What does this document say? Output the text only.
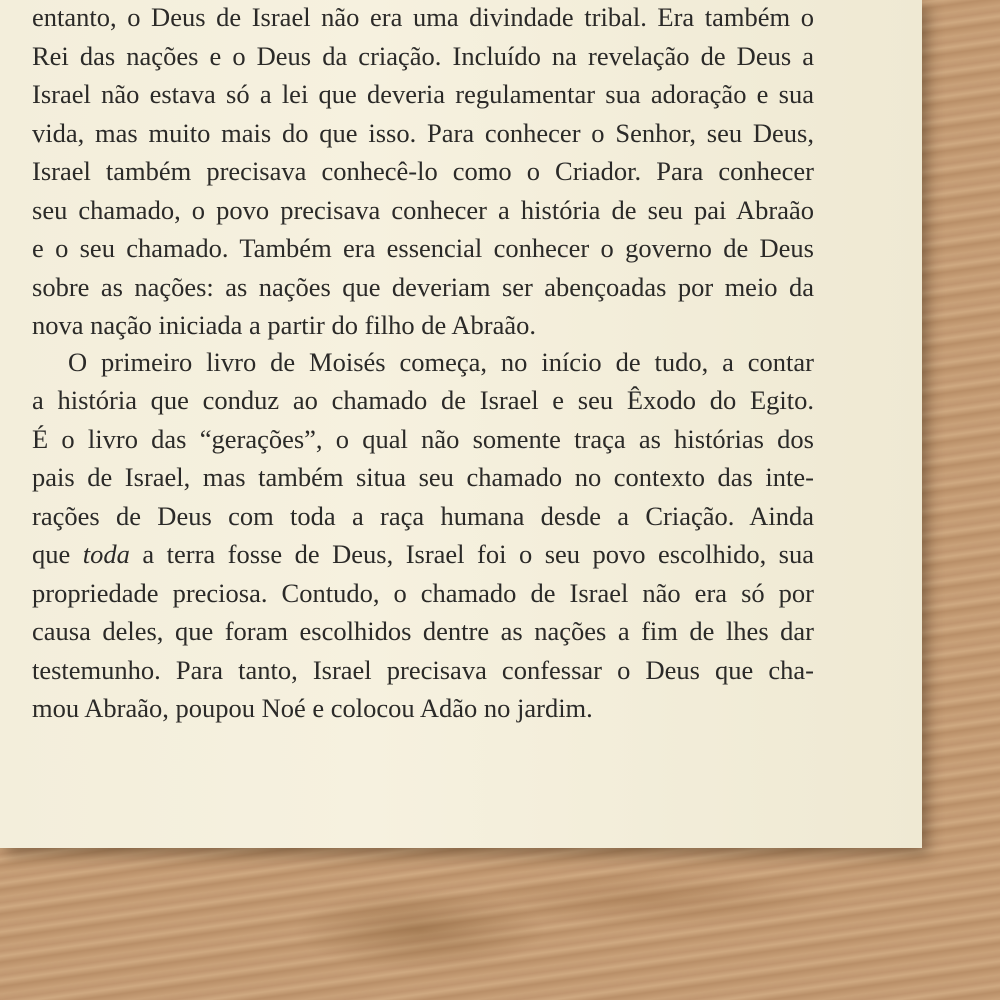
entanto, o Deus de Israel não era uma divindade tribal. Era também o
Rei das nações e o Deus da criação. Incluído na revelação de Deus a
Israel não estava só a lei que deveria regulamentar sua adoração e sua
vida, mas muito mais do que isso. Para conhecer o Senhor, seu Deus,
Israel também precisava conhecê-lo como o Criador. Para conhecer
seu chamado, o povo precisava conhecer a história de seu pai Abraão
e o seu chamado. Também era essencial conhecer o governo de Deus
sobre as nações: as nações que deveriam ser abençoadas por meio da
nova nação iniciada a partir do filho de Abraão.
O primeiro livro de Moisés começa, no início de tudo, a contar
a história que conduz ao chamado de Israel e seu Êxodo do Egito.
É o livro das “gerações”, o qual não somente traça as histórias dos
pais de Israel, mas também situa seu chamado no contexto das inte-
rações de Deus com toda a raça humana desde a Criação. Ainda
que toda a terra fosse de Deus, Israel foi o seu povo escolhido, sua
propriedade preciosa. Contudo, o chamado de Israel não era só por
causa deles, que foram escolhidos dentre as nações a fim de lhes dar
testemunho. Para tanto, Israel precisava confessar o Deus que cha-
mou Abraão, poupou Noé e colocou Adão no jardim.
